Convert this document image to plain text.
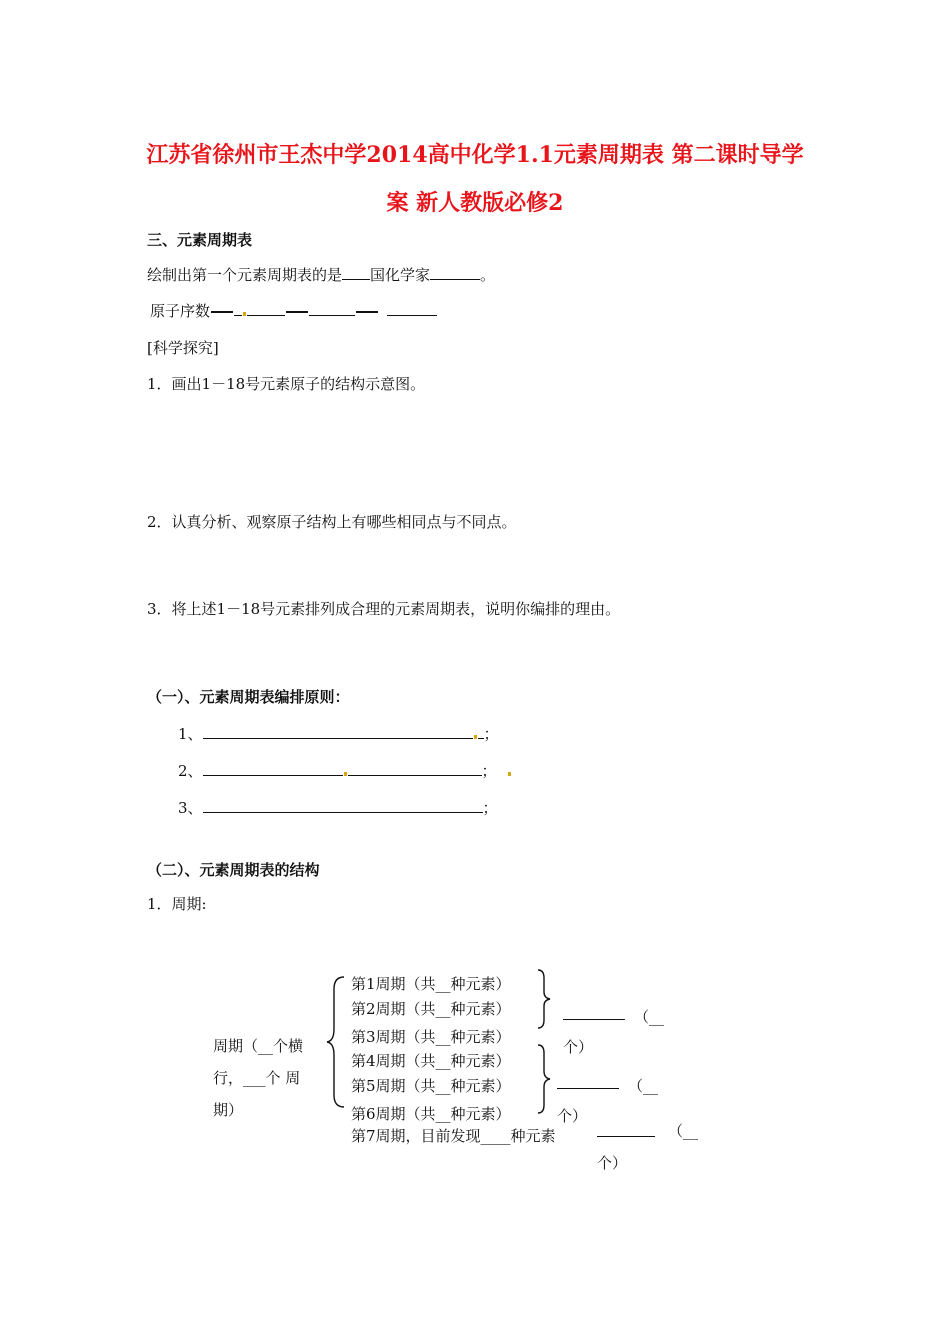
江苏省徐州市王杰中学2014高中化学1.1元素周期表 第二课时导学
案 新人教版必修2
三、元素周期表
绘制出第一个元素周期表的是 国化学家	。
原子序数
[科学探究]
1．画出1－18号元素原子的结构示意图。
2．认真分析、观察原子结构上有哪些相同点与不同点。
3．将上述1－18号元素排列成合理的元素周期表，说明你编排的理由。
（一）、元素周期表编排原则：
1、	；
2、	；
3、	；
（二）、元素周期表的结构
1．周期:
周期（__个横
行，___个 周
期）
第1周期（共__种元素）
第2周期（共__种元素）
第3周期（共__种元素）
第4周期（共__种元素）
第5周期（共__种元素）
第6周期（共__种元素）
第7周期，目前发现____种元素
（__
个）
（__
个）
（__
个）
